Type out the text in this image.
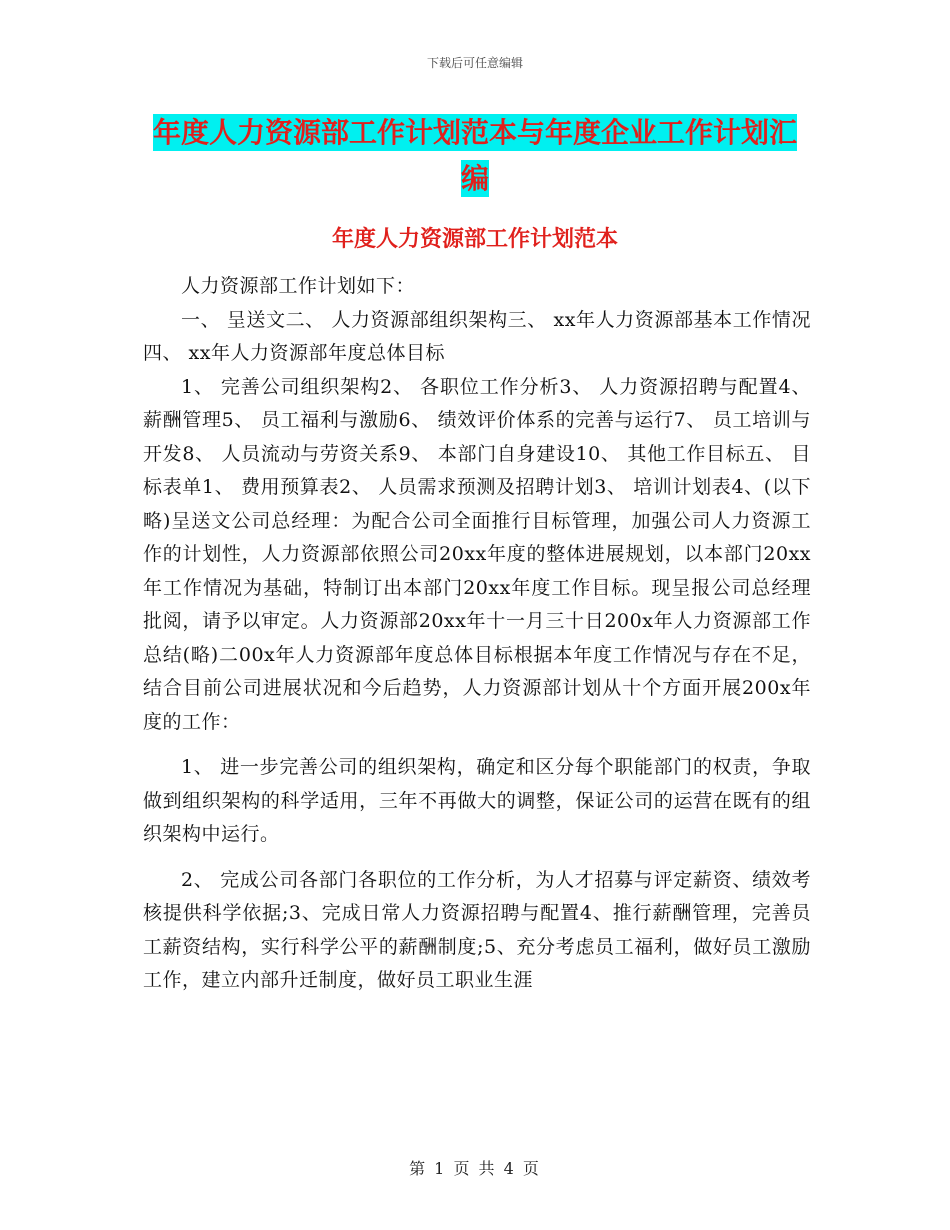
下载后可任意编辑
年度人力资源部工作计划范本与年度企业工作计划汇
编
年度人力资源部工作计划范本

人力资源部工作计划如下：

一、 呈送文二、 人力资源部组织架构三、 xx年人力资源部基本工作情况四、 xx年人力资源部年度总体目标

1、 完善公司组织架构2、 各职位工作分析3、 人力资源招聘与配置4、 薪酬管理5、 员工福利与激励6、 绩效评价体系的完善与运行7、 员工培训与开发8、 人员流动与劳资关系9、 本部门自身建设10、 其他工作目标五、 目标表单1、 费用预算表2、 人员需求预测及招聘计划3、 培训计划表4、(以下略)呈送文公司总经理：为配合公司全面推行目标管理，加强公司人力资源工作的计划性，人力资源部依照公司20xx年度的整体进展规划，以本部门20xx年工作情况为基础，特制订出本部门20xx年度工作目标。现呈报公司总经理批阅，请予以审定。人力资源部20xx年十一月三十日200x年人力资源部工作总结(略)二00x年人力资源部年度总体目标根据本年度工作情况与存在不足，结合目前公司进展状况和今后趋势，人力资源部计划从十个方面开展200x年度的工作：

1、 进一步完善公司的组织架构，确定和区分每个职能部门的权责，争取做到组织架构的科学适用，三年不再做大的调整，保证公司的运营在既有的组织架构中运行。

2、 完成公司各部门各职位的工作分析，为人才招募与评定薪资、绩效考核提供科学依据;3、完成日常人力资源招聘与配置4、推行薪酬管理，完善员工薪资结构，实行科学公平的薪酬制度;5、充分考虑员工福利，做好员工激励工作，建立内部升迁制度，做好员工职业生涯

第 1 页 共 4 页
